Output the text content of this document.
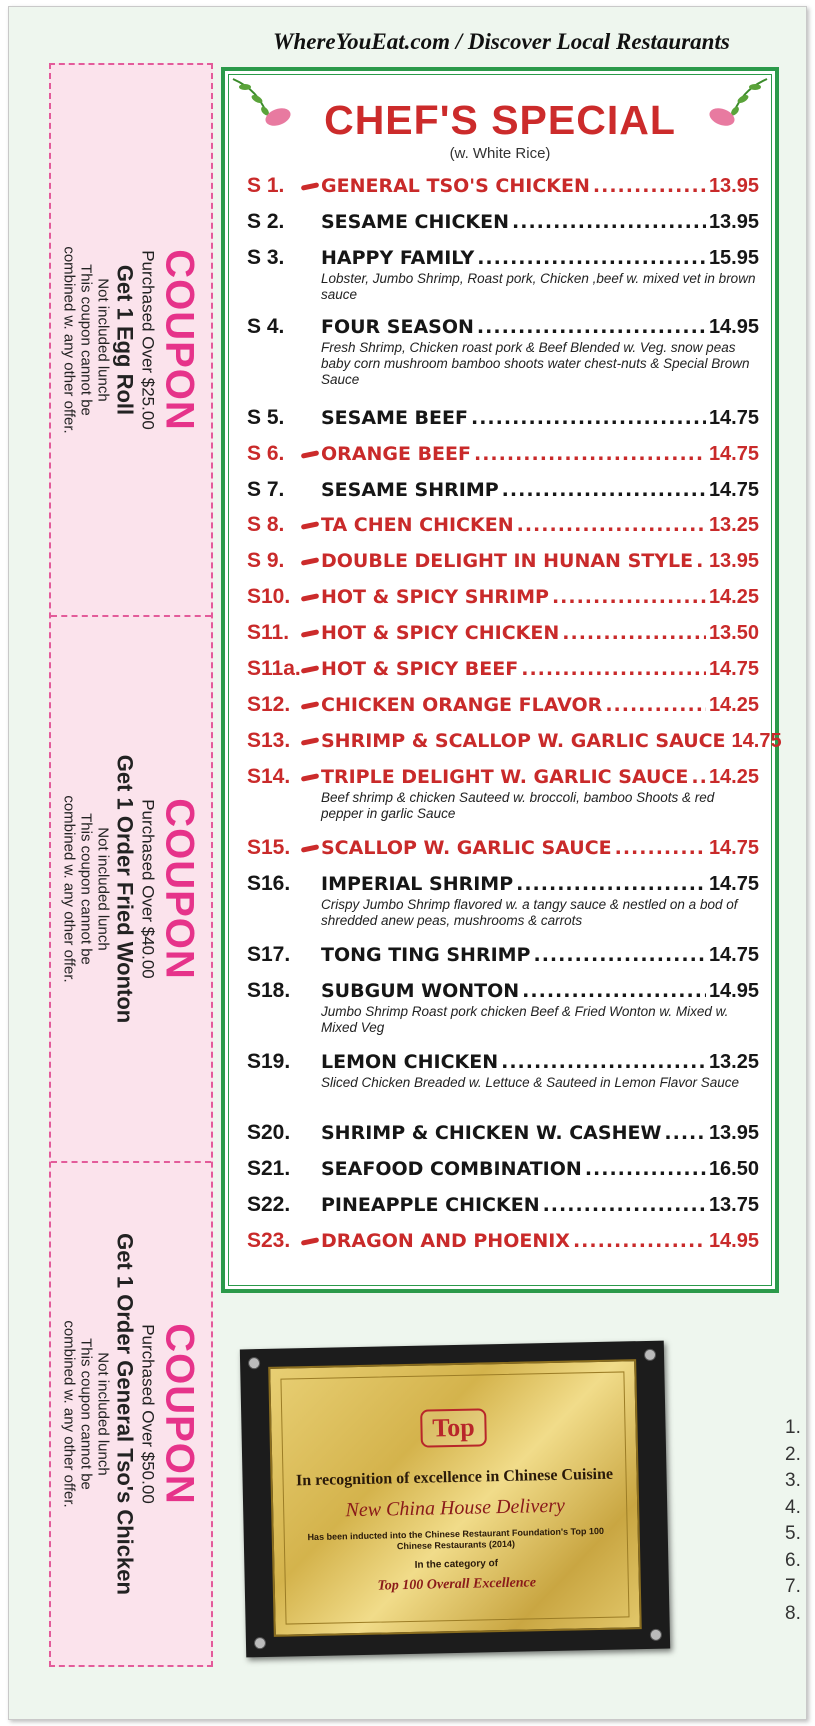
WhereYouEat.com / Discover Local Restaurants
COUPON
Purchased Over $25.00
Get 1 Egg Roll
Not included lunch
This coupon cannot be
combined w. any other offer.
COUPON
Purchased Over $40.00
Get 1 Order Fried Wonton
Not included lunch
This coupon cannot be
combined w. any other offer.
COUPON
Purchased Over $50.00
Get 1 Order General Tso's Chicken
Not included lunch
This coupon cannot be
combined w. any other offer.
CHEF'S SPECIAL
(w. White Rice)
S 1.	GENERAL TSO'S CHICKEN .....	13.95
S 2.	SESAME CHICKEN .....	13.95
S 3.	HAPPY FAMILY .....	15.95
Lobster, Jumbo Shrimp, Roast pork, Chicken ,beef w. mixed vet in brown sauce
S 4.	FOUR SEASON .....	14.95
Fresh Shrimp, Chicken roast pork & Beef Blended w. Veg. snow peas baby corn mushroom bamboo shoots water chest-nuts & Special Brown Sauce
S 5.	SESAME BEEF .....	14.75
S 6.	ORANGE BEEF .....	14.75
S 7.	SESAME SHRIMP .....	14.75
S 8.	TA CHEN CHICKEN .....	13.25
S 9.	DOUBLE DELIGHT IN HUNAN STYLE ..... 13.95
S10.	HOT & SPICY SHRIMP .....	14.25
S11.	HOT & SPICY CHICKEN .....	13.50
S11a.	HOT & SPICY BEEF .....	14.75
S12.	CHICKEN ORANGE FLAVOR .....	14.25
S13.	SHRIMP & SCALLOP W. GARLIC SAUCE 14.75
S14.	TRIPLE DELIGHT W. GARLIC SAUCE ..... 14.25
Beef shrimp & chicken Sauteed w. broccoli, bamboo Shoots & red pepper in garlic Sauce
S15.	SCALLOP W. GARLIC SAUCE .....	14.75
S16.	IMPERIAL SHRIMP .....	14.75
Crispy Jumbo Shrimp flavored w. a tangy sauce & nestled on a bod of shredded anew peas, mushrooms & carrots
S17.	TONG TING SHRIMP .....	14.75
S18.	SUBGUM WONTON .....	14.95
Jumbo Shrimp Roast pork chicken Beef & Fried Wonton w. Mixed w. Mixed Veg
S19.	LEMON CHICKEN .....	13.25
Sliced Chicken Breaded w. Lettuce & Sauteed in Lemon Flavor Sauce
S20.	SHRIMP & CHICKEN W. CASHEW ..... 13.95
S21.	SEAFOOD COMBINATION .....	16.50
S22.	PINEAPPLE CHICKEN .....	13.75
S23.	DRAGON AND PHOENIX .....	14.95
Top
In recognition of excellence in Chinese Cuisine
New China House Delivery
Has been inducted into the Chinese Restaurant Foundation's Top 100 Chinese Restaurants (2014)
In the category of
Top 100 Overall Excellence
1.
2.
3.
4.
5.
6.
7.
8.
